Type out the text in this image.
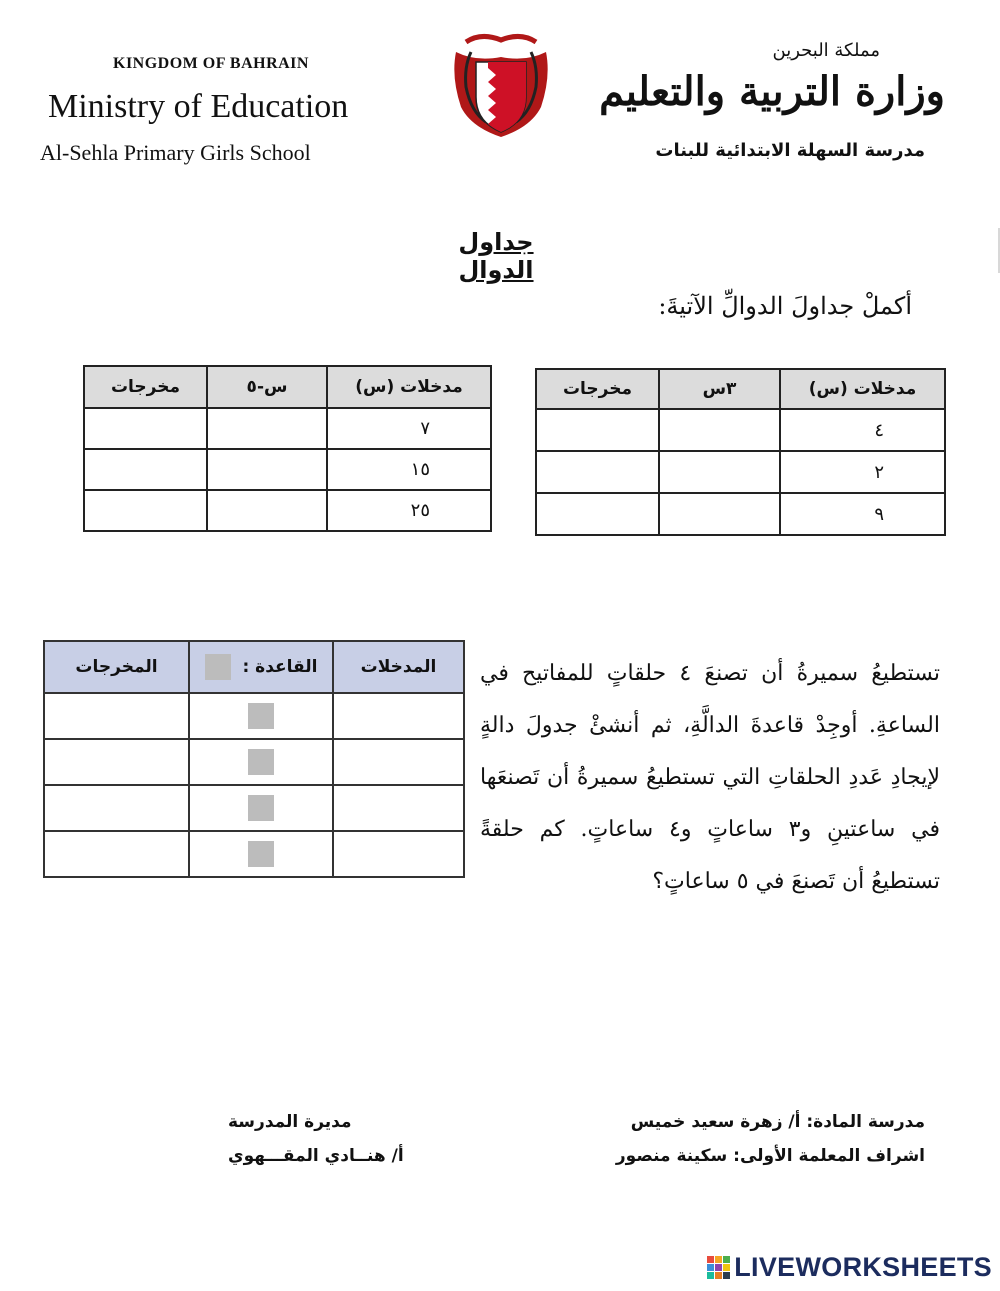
KINGDOM OF BAHRAIN
Ministry of Education
Al-Sehla Primary Girls School
مملكة البحرين
وزارة التربية والتعليم
مدرسة السهلة الابتدائية للبنات
جداول الدوال
أكملْ جداولَ الدوالِّ الآتيةَ:
مدخلات (س)	٣س	مخرجات
٤		
٢		
٩		
مدخلات (س)	س-٥	مخرجات
٧		
١٥		
٢٥		
تستطيعُ سميرةُ أن تصنعَ ٤ حلقاتٍ للمفاتيح في الساعةِ. أوجِدْ قاعدةَ الدالَّةِ، ثم أنشئْ جدولَ دالةٍ لإيجادِ عَددِ الحلقاتِ التي تستطيعُ سميرةُ أن تَصنعَها في ساعتينِ و٣ ساعاتٍ و٤ ساعاتٍ. كم حلقةً تستطيعُ أن تَصنعَ في ٥ ساعاتٍ؟
المدخلات	القاعدة :	المخرجات

مدرسة المادة: أ/ زهرة سعيد خميس
اشراف المعلمة الأولى: سكينة منصور
مديرة المدرسة
أ/ هنــادي المقـــهوي
LIVEWORKSHEETS
